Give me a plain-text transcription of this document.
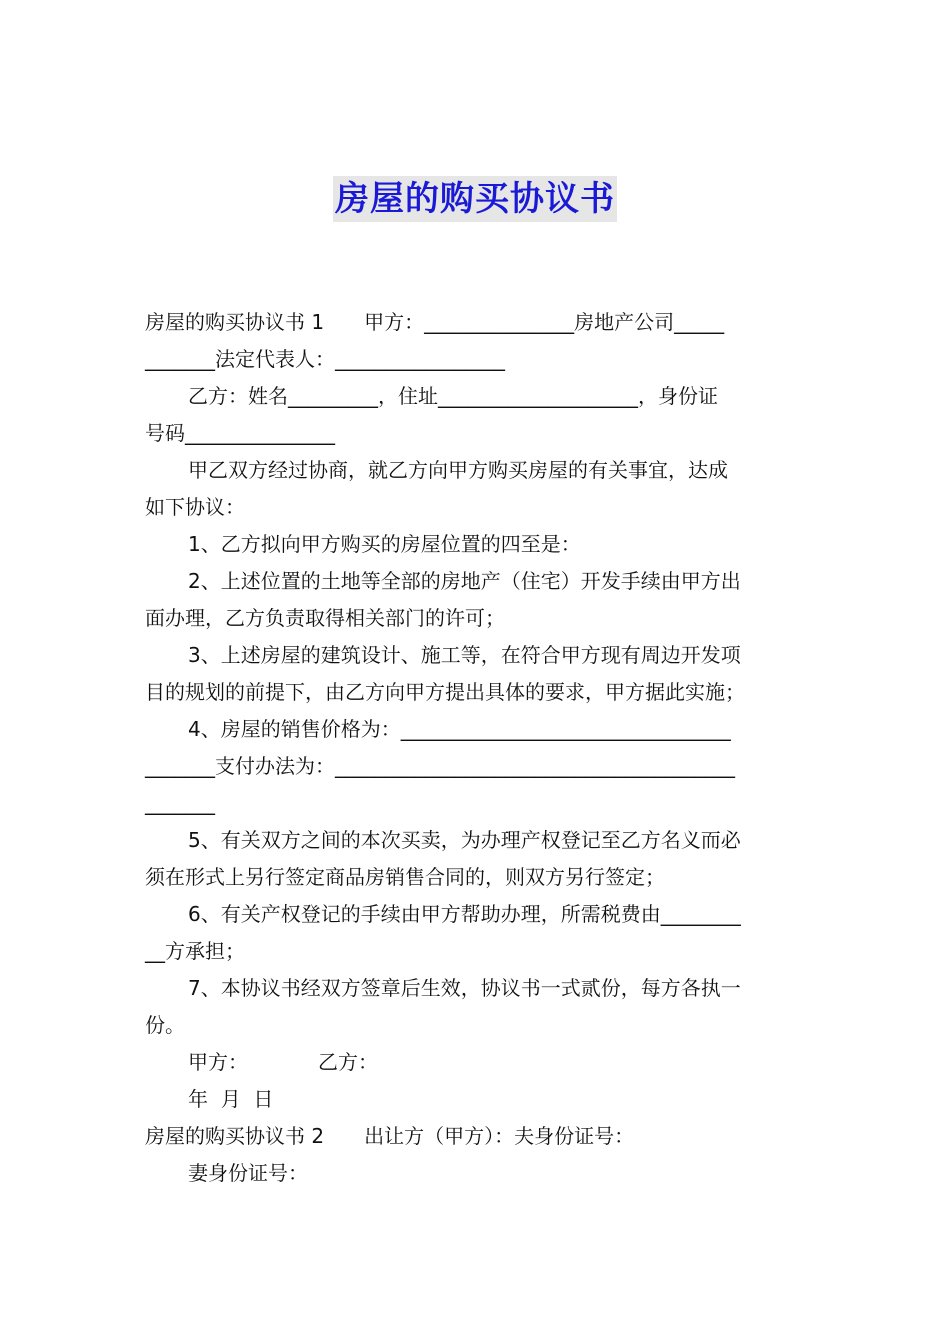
房屋的购买协议书
房屋的购买协议书 1　　甲方：_______________房地产公司_____
_______法定代表人：_________________
乙方：姓名_________，住址____________________，身份证
号码_______________
甲乙双方经过协商，就乙方向甲方购买房屋的有关事宜，达成
如下协议：
1、乙方拟向甲方购买的房屋位置的四至是：
2、上述位置的土地等全部的房地产（住宅）开发手续由甲方出
面办理，乙方负责取得相关部门的许可；
3、上述房屋的建筑设计、施工等，在符合甲方现有周边开发项
目的规划的前提下，由乙方向甲方提出具体的要求，甲方据此实施；
4、房屋的销售价格为：_________________________________
_______支付办法为：________________________________________
_______
5、有关双方之间的本次买卖，为办理产权登记至乙方名义而必
须在形式上另行签定商品房销售合同的，则双方另行签定；
6、有关产权登记的手续由甲方帮助办理，所需税费由________
__方承担；
7、本协议书经双方签章后生效，协议书一式贰份，每方各执一
份。
甲方：　　　　乙方：
年  月  日
房屋的购买协议书 2　　出让方（甲方）：夫身份证号：
妻身份证号：
